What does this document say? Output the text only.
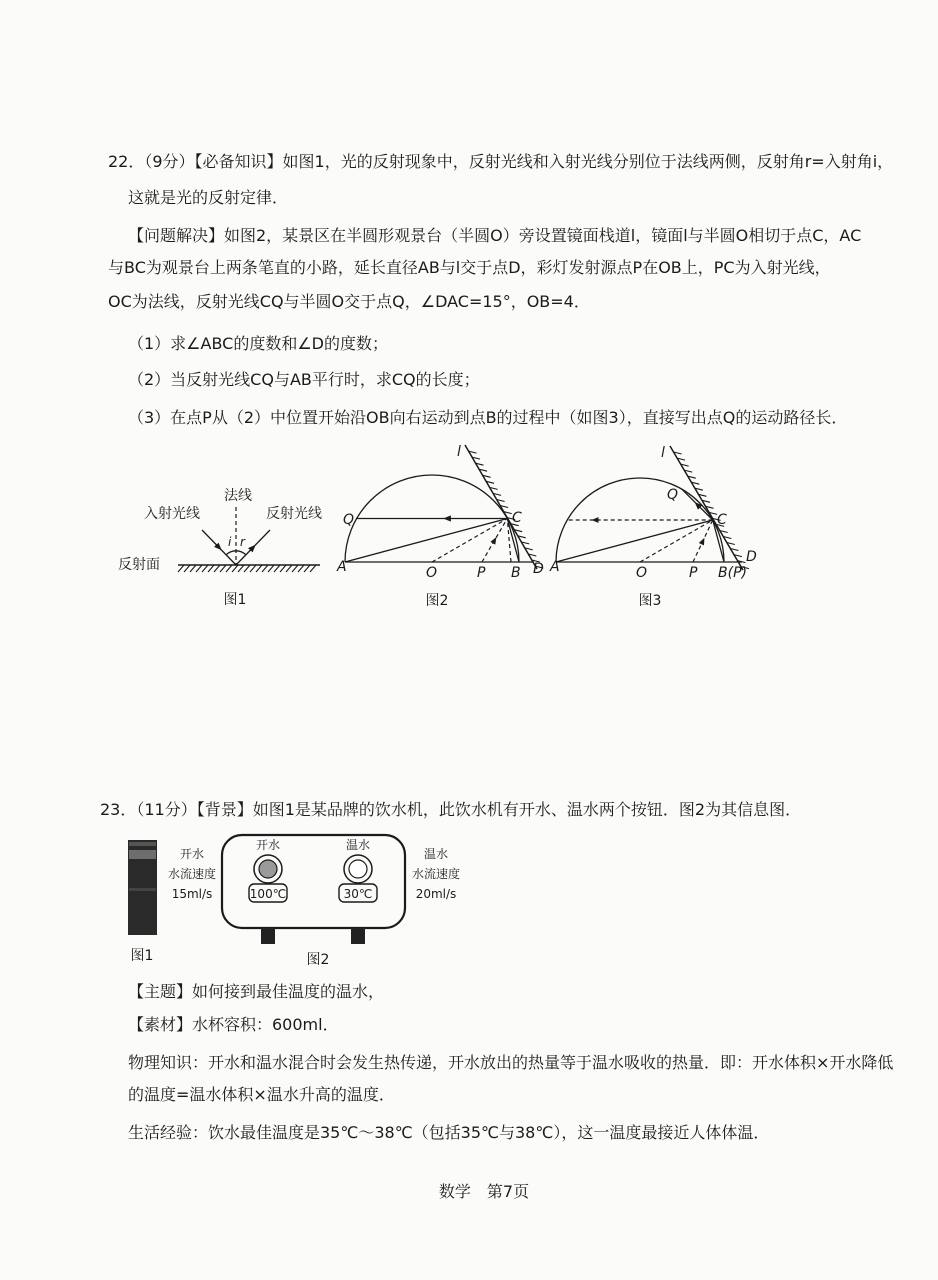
22．（9分）【必备知识】如图1，光的反射现象中，反射光线和入射光线分别位于法线两侧，反射角r=入射角i，
这就是光的反射定律．
【问题解决】如图2，某景区在半圆形观景台（半圆O）旁设置镜面栈道l，镜面l与半圆O相切于点C，AC
与BC为观景台上两条笔直的小路，延长直径AB与l交于点D，彩灯发射源点P在OB上，PC为入射光线，
OC为法线，反射光线CQ与半圆O交于点Q，∠DAC=15°，OB=4．
（1）求∠ABC的度数和∠D的度数；
（2）当反射光线CQ与AB平行时，求CQ的长度；
（3）在点P从（2）中位置开始沿OB向右运动到点B的过程中（如图3），直接写出点Q的运动路径长．
法线
入射光线	反射光线
i r
反射面
图1
l
Q	C
A	O	P B D
图2
l
Q
C
A	O	P B(P)
D
图3
23．（11分）【背景】如图1是某品牌的饮水机，此饮水机有开水、温水两个按钮．图2为其信息图．
图1
开水
水流速度
15ml/s
开水
100℃
温水
30℃
温水
水流速度
20ml/s
图2
【主题】如何接到最佳温度的温水，
【素材】水杯容积：600ml．
物理知识：开水和温水混合时会发生热传递，开水放出的热量等于温水吸收的热量．即：开水体积×开水降低
的温度=温水体积×温水升高的温度．
生活经验：饮水最佳温度是35℃～38℃（包括35℃与38℃），这一温度最接近人体体温．
数学　第7页
